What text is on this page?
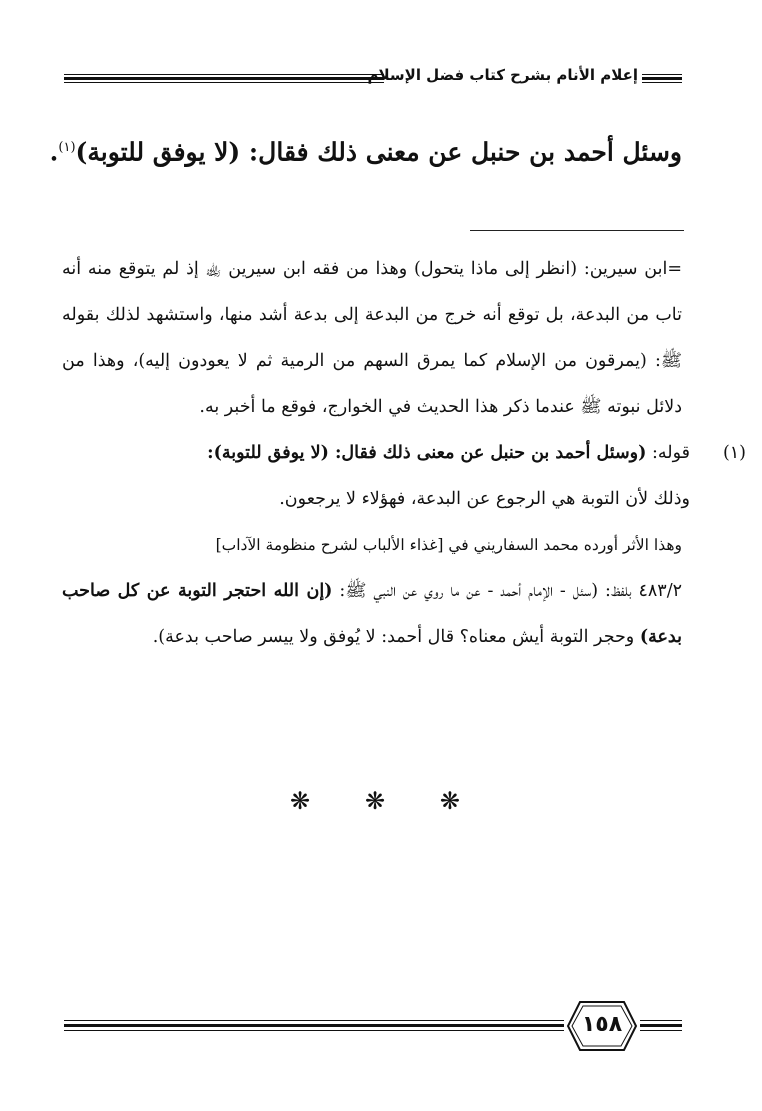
إعلام الأنام بشرح كتاب فضل الإسلام
وسئل أحمد بن حنبل عن معنى ذلك فقال: (لا يوفق للتوبة)$^{(١)}$.

=ابن سيرين: (انظر إلى ماذا يتحول) وهذا من فقه ابن سيرين ﵀ إذ لم يتوقع منه أنه تاب من البدعة، بل توقع أنه خرج من البدعة إلى بدعة أشد منها، واستشهد لذلك بقوله ﷺ: (يمرقون من الإسلام كما يمرق السهم من الرمية ثم لا يعودون إليه)، وهذا من دلائل نبوته ﷺ عندما ذكر هذا الحديث في الخوارج، فوقع ما أخبر به.

(١)

قوله: (وسئل أحمد بن حنبل عن معنى ذلك فقال: (لا يوفق للتوبة):

وذلك لأن التوبة هي الرجوع عن البدعة، فهؤلاء لا يرجعون.

وهذا الأثر أورده محمد السفاريني في [غذاء الألباب لشرح منظومة الآداب]

٤٨٣/٢ بلفظ: (سئل - الإمام أحمد - عن ما روي عن النبي ﷺ: (إن الله احتجر التوبة عن كل صاحب بدعة) وحجر التوبة أيش معناه؟ قال أحمد: لا يُوفق ولا ييسر صاحب بدعة).

❋ ❋ ❋
١٥٨
